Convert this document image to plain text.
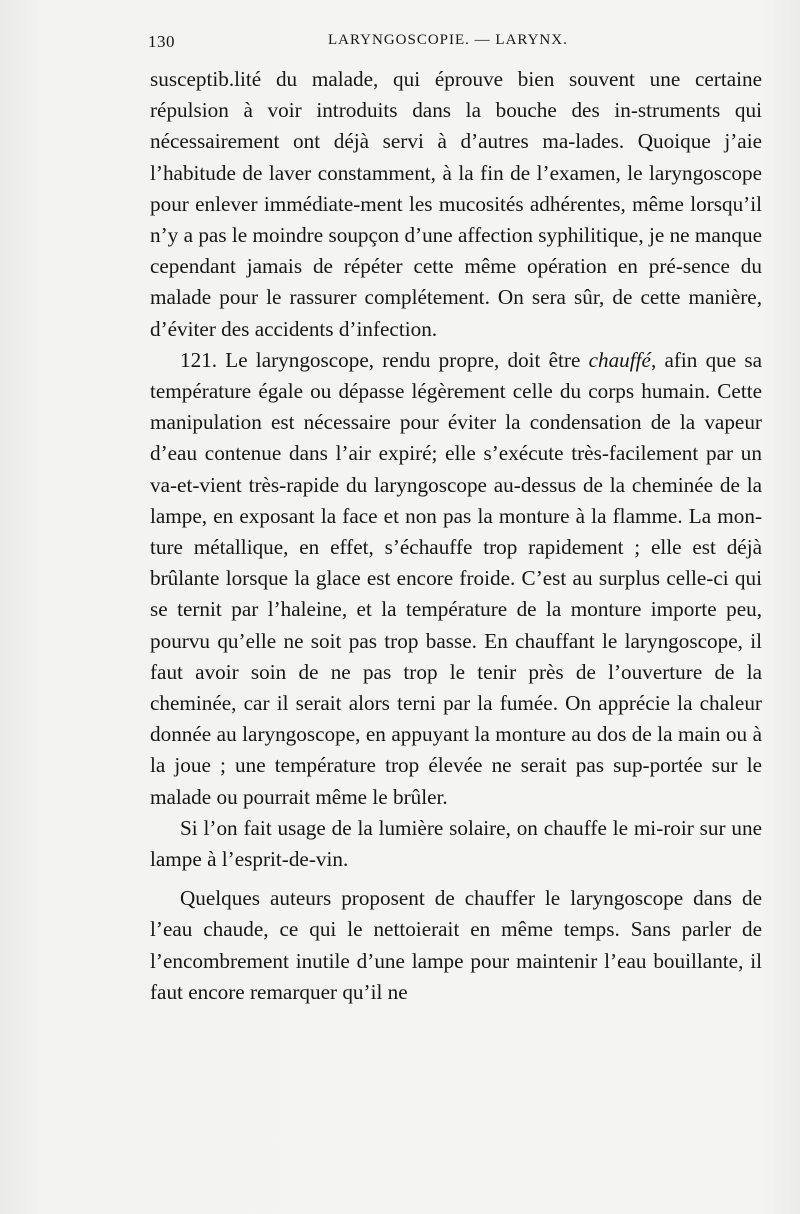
130	LARYNGOSCOPIE. — LARYNX.

susceptib.lité du malade, qui éprouve bien souvent une certaine répulsion à voir introduits dans la bouche des in-struments qui nécessairement ont déjà servi à d’autres ma-lades. Quoique j’aie l’habitude de laver constamment, à la fin de l’examen, le laryngoscope pour enlever immédiate-ment les mucosités adhérentes, même lorsqu’il n’y a pas le moindre soupçon d’une affection syphilitique, je ne manque cependant jamais de répéter cette même opération en pré-sence du malade pour le rassurer complétement. On sera sûr, de cette manière, d’éviter des accidents d’infection.

121. Le laryngoscope, rendu propre, doit être chauffé, afin que sa température égale ou dépasse légèrement celle du corps humain. Cette manipulation est nécessaire pour éviter la condensation de la vapeur d’eau contenue dans l’air expiré; elle s’exécute très-facilement par un va-et-vient très-rapide du laryngoscope au-dessus de la cheminée de la lampe, en exposant la face et non pas la monture à la flamme. La mon-ture métallique, en effet, s’échauffe trop rapidement ; elle est déjà brûlante lorsque la glace est encore froide. C’est au surplus celle-ci qui se ternit par l’haleine, et la température de la monture importe peu, pourvu qu’elle ne soit pas trop basse. En chauffant le laryngoscope, il faut avoir soin de ne pas trop le tenir près de l’ouverture de la cheminée, car il serait alors terni par la fumée. On apprécie la chaleur donnée au laryngoscope, en appuyant la monture au dos de la main ou à la joue ; une température trop élevée ne serait pas sup-portée sur le malade ou pourrait même le brûler.

Si l’on fait usage de la lumière solaire, on chauffe le mi-roir sur une lampe à l’esprit-de-vin.

Quelques auteurs proposent de chauffer le laryngoscope dans de l’eau chaude, ce qui le nettoierait en même temps. Sans parler de l’encombrement inutile d’une lampe pour maintenir l’eau bouillante, il faut encore remarquer qu’il ne
